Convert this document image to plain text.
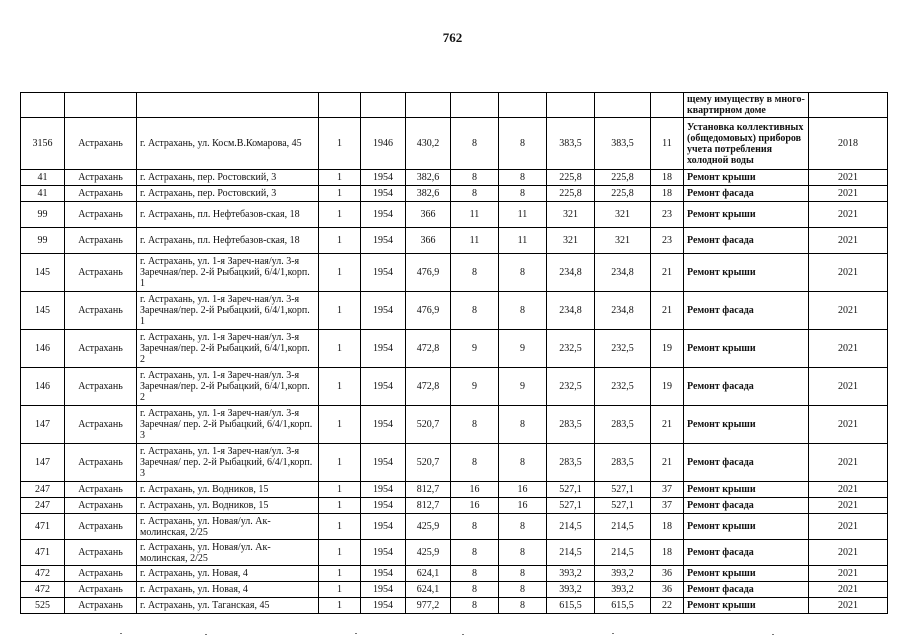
762
											щему имуществу в много-квартирном доме	
3156	Астрахань	г. Астрахань, ул. Косм.В.Комарова, 45	1	1946	430,2	8	8	383,5	383,5	11	Установка коллективных (общедомовых) приборов учета потребления холодной воды	2018
41	Астрахань	г. Астрахань, пер. Ростовский, 3	1	1954	382,6	8	8	225,8	225,8	18	Ремонт крыши	2021
41	Астрахань	г. Астрахань, пер. Ростовский, 3	1	1954	382,6	8	8	225,8	225,8	18	Ремонт фасада	2021
99	Астрахань	г. Астрахань, пл. Нефтебазов-ская, 18	1	1954	366	11	11	321	321	23	Ремонт крыши	2021
99	Астрахань	г. Астрахань, пл. Нефтебазов-ская, 18	1	1954	366	11	11	321	321	23	Ремонт фасада	2021
145	Астрахань	г. Астрахань, ул. 1-я Зареч-ная/ул. 3-я Заречная/пер. 2-й Рыбацкий, 6/4/1,корп. 1	1	1954	476,9	8	8	234,8	234,8	21	Ремонт крыши	2021
145	Астрахань	г. Астрахань, ул. 1-я Зареч-ная/ул. 3-я Заречная/пер. 2-й Рыбацкий, 6/4/1,корп. 1	1	1954	476,9	8	8	234,8	234,8	21	Ремонт фасада	2021
146	Астрахань	г. Астрахань, ул. 1-я Зареч-ная/ул. 3-я Заречная/пер. 2-й Рыбацкий, 6/4/1,корп. 2	1	1954	472,8	9	9	232,5	232,5	19	Ремонт крыши	2021
146	Астрахань	г. Астрахань, ул. 1-я Зареч-ная/ул. 3-я Заречная/пер. 2-й Рыбацкий, 6/4/1,корп. 2	1	1954	472,8	9	9	232,5	232,5	19	Ремонт фасада	2021
147	Астрахань	г. Астрахань, ул. 1-я Зареч-ная/ул. 3-я Заречная/ пер. 2-й Рыбацкий, 6/4/1,корп. 3	1	1954	520,7	8	8	283,5	283,5	21	Ремонт крыши	2021
147	Астрахань	г. Астрахань, ул. 1-я Зареч-ная/ул. 3-я Заречная/ пер. 2-й Рыбацкий, 6/4/1,корп. 3	1	1954	520,7	8	8	283,5	283,5	21	Ремонт фасада	2021
247	Астрахань	г. Астрахань, ул. Водников, 15	1	1954	812,7	16	16	527,1	527,1	37	Ремонт крыши	2021
247	Астрахань	г. Астрахань, ул. Водников, 15	1	1954	812,7	16	16	527,1	527,1	37	Ремонт фасада	2021
471	Астрахань	г. Астрахань, ул. Новая/ул. Ак-молинская, 2/25	1	1954	425,9	8	8	214,5	214,5	18	Ремонт крыши	2021
471	Астрахань	г. Астрахань, ул. Новая/ул. Ак-молинская, 2/25	1	1954	425,9	8	8	214,5	214,5	18	Ремонт фасада	2021
472	Астрахань	г. Астрахань, ул. Новая, 4	1	1954	624,1	8	8	393,2	393,2	36	Ремонт крыши	2021
472	Астрахань	г. Астрахань, ул. Новая, 4	1	1954	624,1	8	8	393,2	393,2	36	Ремонт фасада	2021
525	Астрахань	г. Астрахань, ул. Таганская, 45	1	1954	977,2	8	8	615,5	615,5	22	Ремонт крыши	2021
